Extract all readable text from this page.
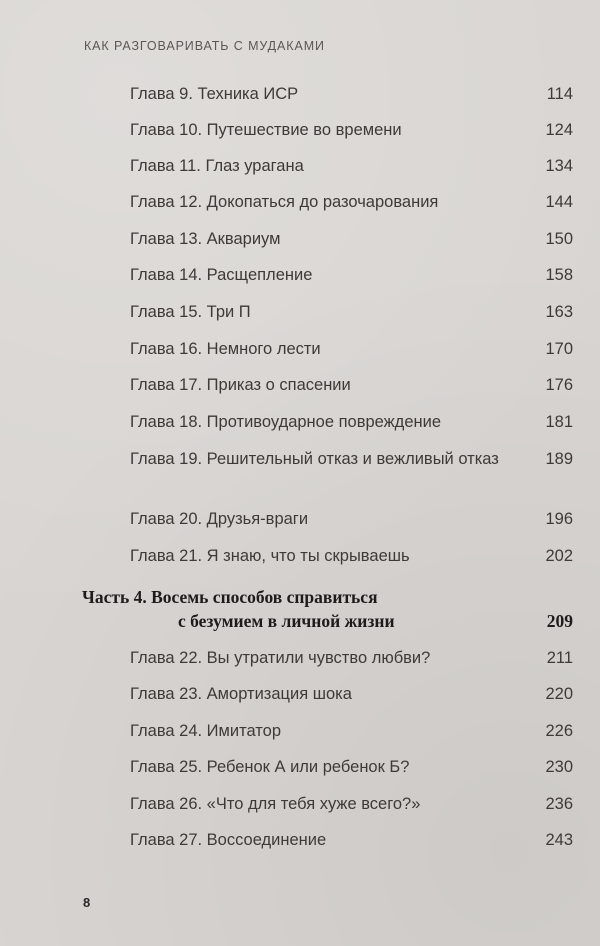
КАК РАЗГОВАРИВАТЬ С МУДАКАМИ
Глава 9. Техника ИСР	114
Глава 10. Путешествие во времени	124
Глава 11. Глаз урагана	134
Глава 12. Докопаться до разочарования	144
Глава 13. Аквариум	150
Глава 14. Расщепление	158
Глава 15. Три П	163
Глава 16. Немного лести	170
Глава 17. Приказ о спасении	176
Глава 18. Противоударное повреждение	181
Глава 19. Решительный отказ и вежливый отказ	189
Глава 20. Друзья-враги	196
Глава 21. Я знаю, что ты скрываешь	202
Часть 4. Восемь способов справиться
с безумием в личной жизни	209
Глава 22. Вы утратили чувство любви?	211
Глава 23. Амортизация шока	220
Глава 24. Имитатор	226
Глава 25. Ребенок А или ребенок Б?	230
Глава 26. «Что для тебя хуже всего?»	236
Глава 27. Воссоединение	243
8
